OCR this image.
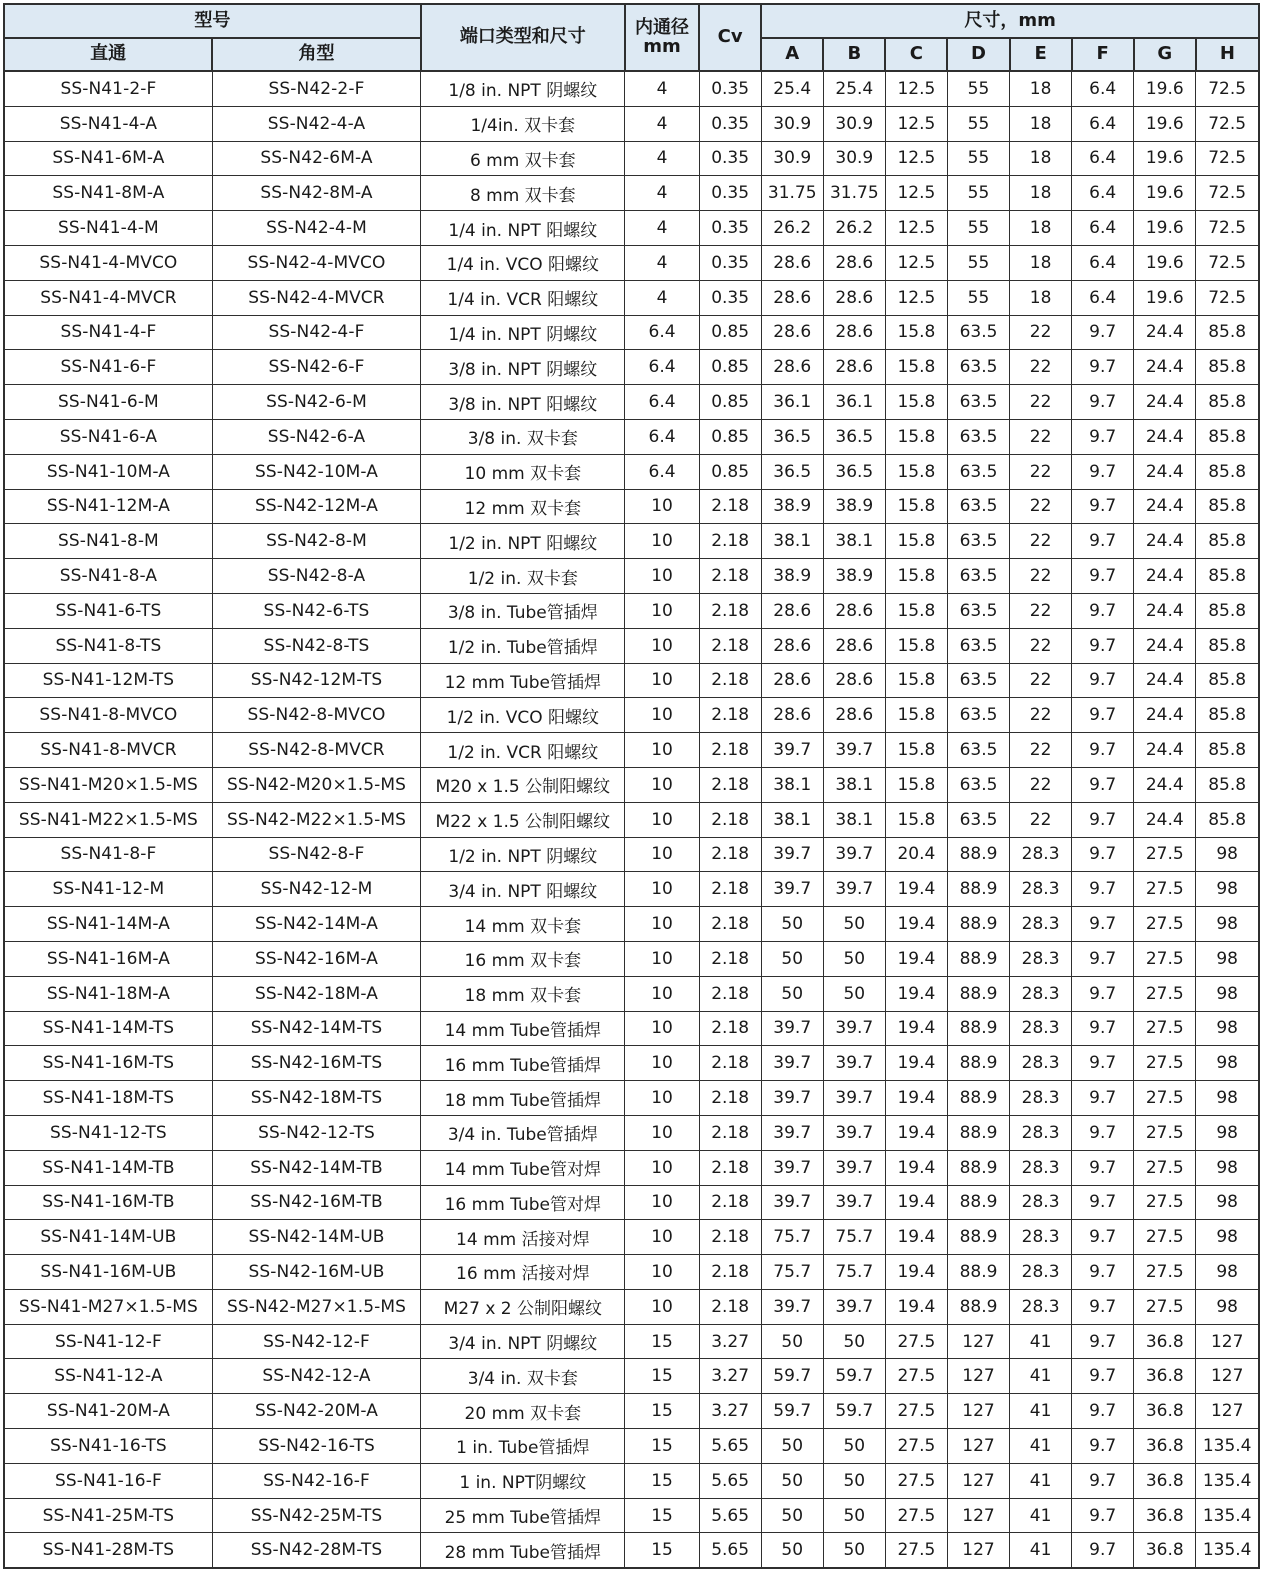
型号		端口类型和尺寸	内通径
mm	Cv	尺寸，mm							
直通	角型				A	B	C	D	E	F	G	H
SS-N41-2-F	SS-N42-2-F	1/8 in. NPT 阴螺纹	4	0.35	25.4	25.4	12.5	55	18	6.4	19.6	72.5
SS-N41-4-A	SS-N42-4-A	1/4in. 双卡套	4	0.35	30.9	30.9	12.5	55	18	6.4	19.6	72.5
SS-N41-6M-A	SS-N42-6M-A	6 mm 双卡套	4	0.35	30.9	30.9	12.5	55	18	6.4	19.6	72.5
SS-N41-8M-A	SS-N42-8M-A	8 mm 双卡套	4	0.35	31.75	31.75	12.5	55	18	6.4	19.6	72.5
SS-N41-4-M	SS-N42-4-M	1/4 in. NPT 阳螺纹	4	0.35	26.2	26.2	12.5	55	18	6.4	19.6	72.5
SS-N41-4-MVCO	SS-N42-4-MVCO	1/4 in. VCO 阳螺纹	4	0.35	28.6	28.6	12.5	55	18	6.4	19.6	72.5
SS-N41-4-MVCR	SS-N42-4-MVCR	1/4 in. VCR 阳螺纹	4	0.35	28.6	28.6	12.5	55	18	6.4	19.6	72.5
SS-N41-4-F	SS-N42-4-F	1/4 in. NPT 阴螺纹	6.4	0.85	28.6	28.6	15.8	63.5	22	9.7	24.4	85.8
SS-N41-6-F	SS-N42-6-F	3/8 in. NPT 阴螺纹	6.4	0.85	28.6	28.6	15.8	63.5	22	9.7	24.4	85.8
SS-N41-6-M	SS-N42-6-M	3/8 in. NPT 阳螺纹	6.4	0.85	36.1	36.1	15.8	63.5	22	9.7	24.4	85.8
SS-N41-6-A	SS-N42-6-A	3/8 in. 双卡套	6.4	0.85	36.5	36.5	15.8	63.5	22	9.7	24.4	85.8
SS-N41-10M-A	SS-N42-10M-A	10 mm 双卡套	6.4	0.85	36.5	36.5	15.8	63.5	22	9.7	24.4	85.8
SS-N41-12M-A	SS-N42-12M-A	12 mm 双卡套	10	2.18	38.9	38.9	15.8	63.5	22	9.7	24.4	85.8
SS-N41-8-M	SS-N42-8-M	1/2 in. NPT 阳螺纹	10	2.18	38.1	38.1	15.8	63.5	22	9.7	24.4	85.8
SS-N41-8-A	SS-N42-8-A	1/2 in. 双卡套	10	2.18	38.9	38.9	15.8	63.5	22	9.7	24.4	85.8
SS-N41-6-TS	SS-N42-6-TS	3/8 in. Tube管插焊	10	2.18	28.6	28.6	15.8	63.5	22	9.7	24.4	85.8
SS-N41-8-TS	SS-N42-8-TS	1/2 in. Tube管插焊	10	2.18	28.6	28.6	15.8	63.5	22	9.7	24.4	85.8
SS-N41-12M-TS	SS-N42-12M-TS	12 mm Tube管插焊	10	2.18	28.6	28.6	15.8	63.5	22	9.7	24.4	85.8
SS-N41-8-MVCO	SS-N42-8-MVCO	1/2 in. VCO 阳螺纹	10	2.18	28.6	28.6	15.8	63.5	22	9.7	24.4	85.8
SS-N41-8-MVCR	SS-N42-8-MVCR	1/2 in. VCR 阳螺纹	10	2.18	39.7	39.7	15.8	63.5	22	9.7	24.4	85.8
SS-N41-M20×1.5-MS	SS-N42-M20×1.5-MS	M20 x 1.5 公制阳螺纹	10	2.18	38.1	38.1	15.8	63.5	22	9.7	24.4	85.8
SS-N41-M22×1.5-MS	SS-N42-M22×1.5-MS	M22 x 1.5 公制阳螺纹	10	2.18	38.1	38.1	15.8	63.5	22	9.7	24.4	85.8
SS-N41-8-F	SS-N42-8-F	1/2 in. NPT 阴螺纹	10	2.18	39.7	39.7	20.4	88.9	28.3	9.7	27.5	98
SS-N41-12-M	SS-N42-12-M	3/4 in. NPT 阳螺纹	10	2.18	39.7	39.7	19.4	88.9	28.3	9.7	27.5	98
SS-N41-14M-A	SS-N42-14M-A	14 mm 双卡套	10	2.18	50	50	19.4	88.9	28.3	9.7	27.5	98
SS-N41-16M-A	SS-N42-16M-A	16 mm 双卡套	10	2.18	50	50	19.4	88.9	28.3	9.7	27.5	98
SS-N41-18M-A	SS-N42-18M-A	18 mm 双卡套	10	2.18	50	50	19.4	88.9	28.3	9.7	27.5	98
SS-N41-14M-TS	SS-N42-14M-TS	14 mm Tube管插焊	10	2.18	39.7	39.7	19.4	88.9	28.3	9.7	27.5	98
SS-N41-16M-TS	SS-N42-16M-TS	16 mm Tube管插焊	10	2.18	39.7	39.7	19.4	88.9	28.3	9.7	27.5	98
SS-N41-18M-TS	SS-N42-18M-TS	18 mm Tube管插焊	10	2.18	39.7	39.7	19.4	88.9	28.3	9.7	27.5	98
SS-N41-12-TS	SS-N42-12-TS	3/4 in. Tube管插焊	10	2.18	39.7	39.7	19.4	88.9	28.3	9.7	27.5	98
SS-N41-14M-TB	SS-N42-14M-TB	14 mm Tube管对焊	10	2.18	39.7	39.7	19.4	88.9	28.3	9.7	27.5	98
SS-N41-16M-TB	SS-N42-16M-TB	16 mm Tube管对焊	10	2.18	39.7	39.7	19.4	88.9	28.3	9.7	27.5	98
SS-N41-14M-UB	SS-N42-14M-UB	14 mm 活接对焊	10	2.18	75.7	75.7	19.4	88.9	28.3	9.7	27.5	98
SS-N41-16M-UB	SS-N42-16M-UB	16 mm 活接对焊	10	2.18	75.7	75.7	19.4	88.9	28.3	9.7	27.5	98
SS-N41-M27×1.5-MS	SS-N42-M27×1.5-MS	M27 x 2 公制阳螺纹	10	2.18	39.7	39.7	19.4	88.9	28.3	9.7	27.5	98
SS-N41-12-F	SS-N42-12-F	3/4 in. NPT 阴螺纹	15	3.27	50	50	27.5	127	41	9.7	36.8	127
SS-N41-12-A	SS-N42-12-A	3/4 in. 双卡套	15	3.27	59.7	59.7	27.5	127	41	9.7	36.8	127
SS-N41-20M-A	SS-N42-20M-A	20 mm 双卡套	15	3.27	59.7	59.7	27.5	127	41	9.7	36.8	127
SS-N41-16-TS	SS-N42-16-TS	1 in. Tube管插焊	15	5.65	50	50	27.5	127	41	9.7	36.8	135.4
SS-N41-16-F	SS-N42-16-F	1 in. NPT阴螺纹	15	5.65	50	50	27.5	127	41	9.7	36.8	135.4
SS-N41-25M-TS	SS-N42-25M-TS	25 mm Tube管插焊	15	5.65	50	50	27.5	127	41	9.7	36.8	135.4
SS-N41-28M-TS	SS-N42-28M-TS	28 mm Tube管插焊	15	5.65	50	50	27.5	127	41	9.7	36.8	135.4
